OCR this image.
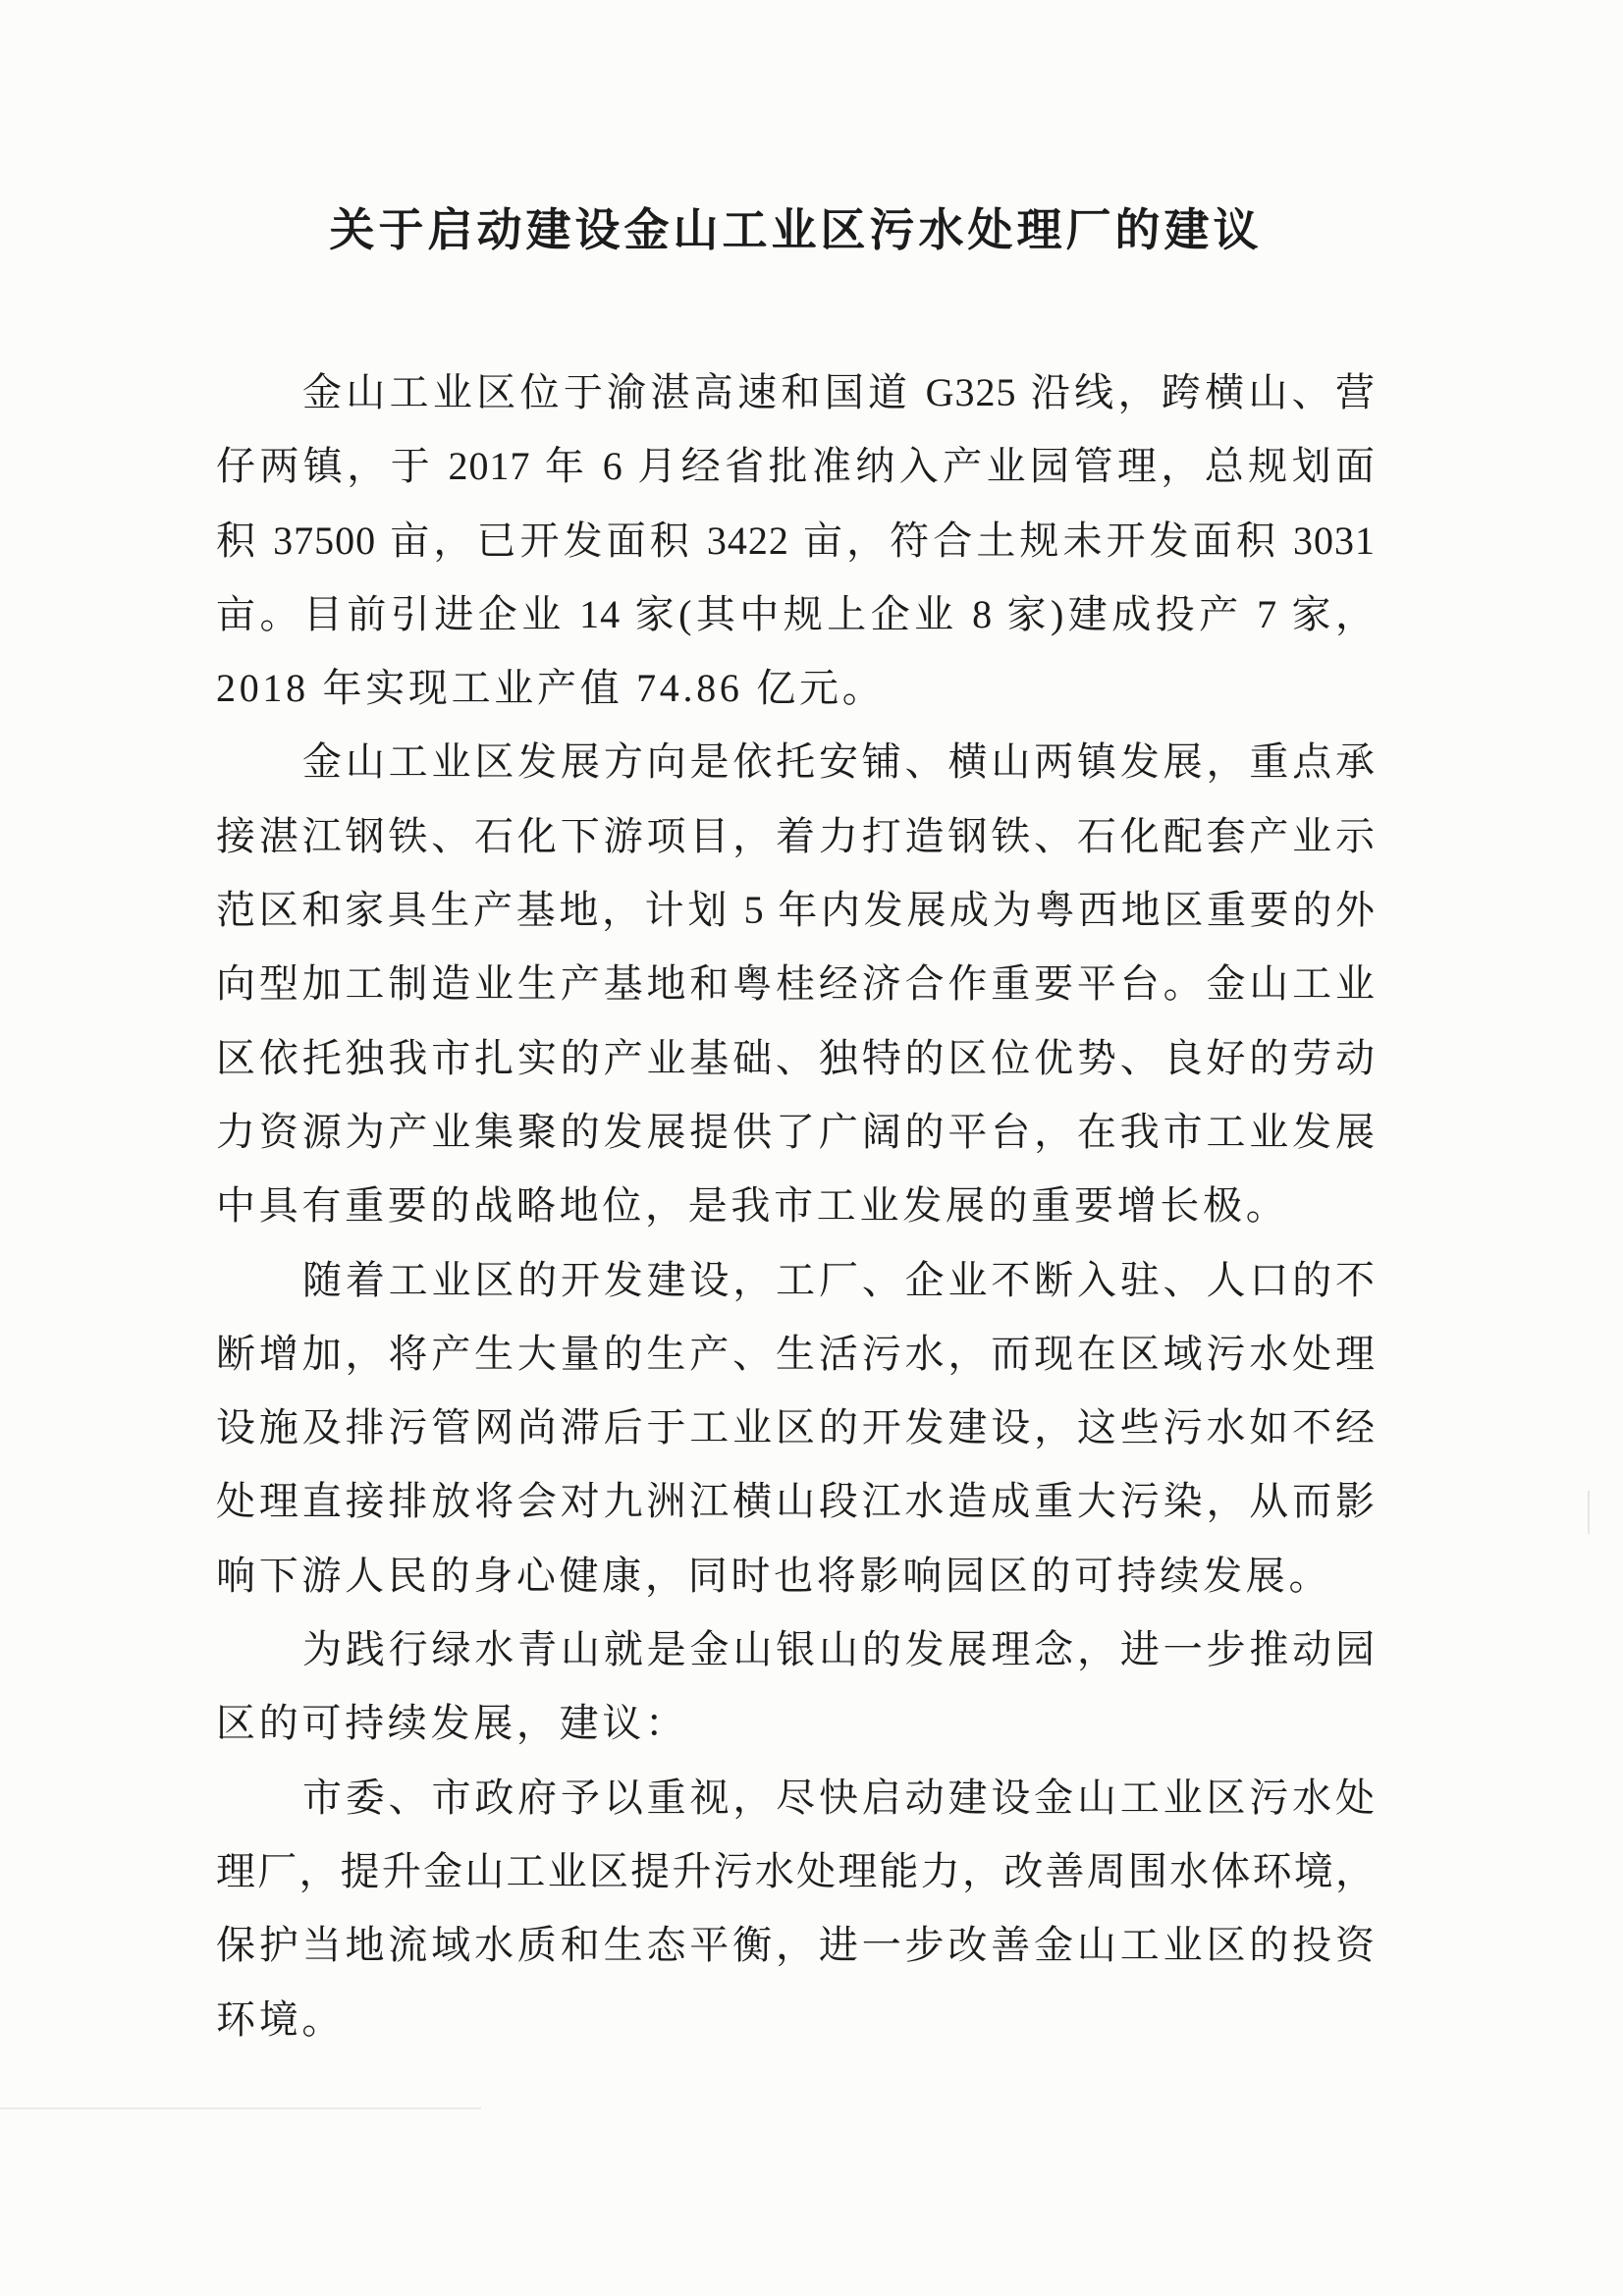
关于启动建设金山工业区污水处理厂的建议
金山工业区位于渝湛高速和国道 G325 沿线，跨横山、营
仔两镇，于 2017 年 6 月经省批准纳入产业园管理，总规划面
积 37500 亩，已开发面积 3422 亩，符合土规未开发面积 3031
亩。目前引进企业 14 家(其中规上企业 8 家)建成投产 7 家，
2018 年实现工业产值 74.86 亿元。
金山工业区发展方向是依托安铺、横山两镇发展，重点承
接湛江钢铁、石化下游项目，着力打造钢铁、石化配套产业示
范区和家具生产基地，计划 5 年内发展成为粤西地区重要的外
向型加工制造业生产基地和粤桂经济合作重要平台。金山工业
区依托独我市扎实的产业基础、独特的区位优势、良好的劳动
力资源为产业集聚的发展提供了广阔的平台，在我市工业发展
中具有重要的战略地位，是我市工业发展的重要增长极。
随着工业区的开发建设，工厂、企业不断入驻、人口的不
断增加，将产生大量的生产、生活污水，而现在区域污水处理
设施及排污管网尚滞后于工业区的开发建设，这些污水如不经
处理直接排放将会对九洲江横山段江水造成重大污染，从而影
响下游人民的身心健康，同时也将影响园区的可持续发展。
为践行绿水青山就是金山银山的发展理念，进一步推动园
区的可持续发展，建议：
市委、市政府予以重视，尽快启动建设金山工业区污水处
理厂，提升金山工业区提升污水处理能力，改善周围水体环境，
保护当地流域水质和生态平衡，进一步改善金山工业区的投资
环境。
